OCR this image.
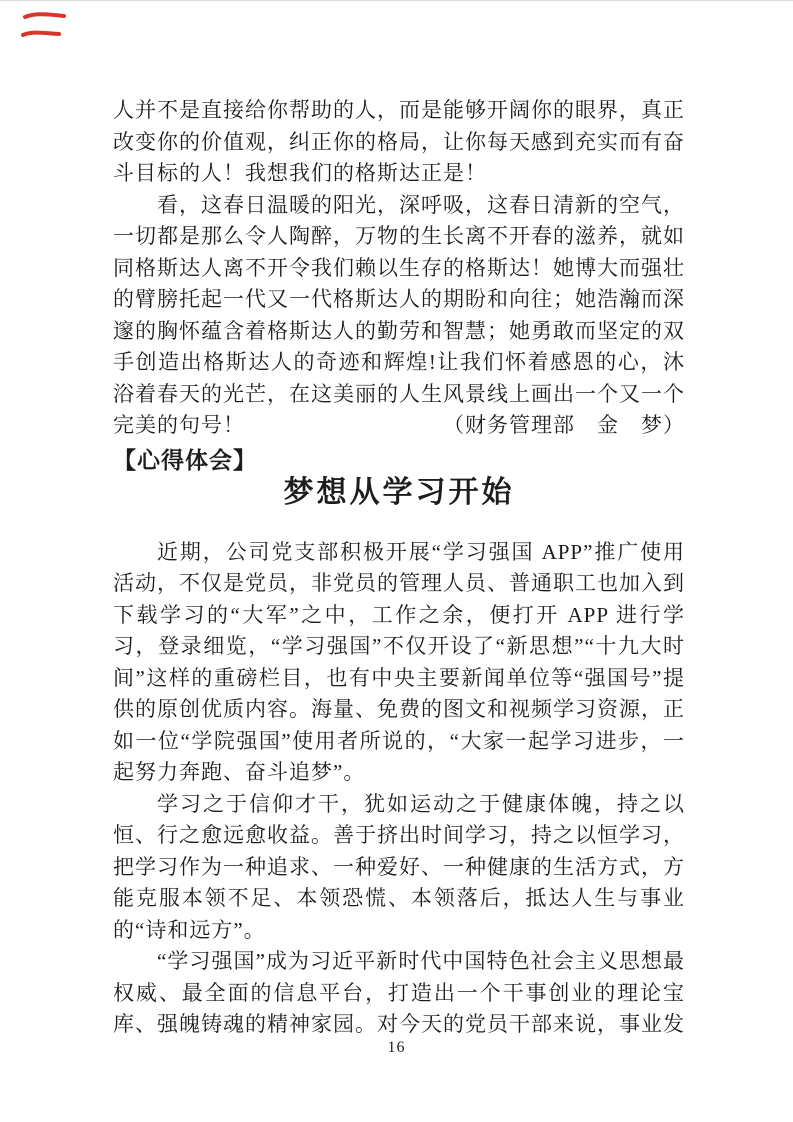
人并不是直接给你帮助的人，而是能够开阔你的眼界，真正改变你的价值观，纠正你的格局，让你每天感到充实而有奋斗目标的人！我想我们的格斯达正是！

看，这春日温暖的阳光，深呼吸，这春日清新的空气，一切都是那么令人陶醉，万物的生长离不开春的滋养，就如同格斯达人离不开令我们赖以生存的格斯达！她博大而强壮的臂膀托起一代又一代格斯达人的期盼和向往；她浩瀚而深邃的胸怀蕴含着格斯达人的勤劳和智慧；她勇敢而坚定的双手创造出格斯达人的奇迹和辉煌!让我们怀着感恩的心，沐浴着春天的光芒，在这美丽的人生风景线上画出一个又一个完美的句号！	（财务管理部　金　梦）

【心得体会】
梦想从学习开始

近期，公司党支部积极开展“学习强国 APP”推广使用活动，不仅是党员，非党员的管理人员、普通职工也加入到下载学习的“大军”之中，工作之余，便打开 APP 进行学习，登录细览，“学习强国”不仅开设了“新思想”“十九大时间”这样的重磅栏目，也有中央主要新闻单位等“强国号”提供的原创优质内容。海量、免费的图文和视频学习资源，正如一位“学院强国”使用者所说的，“大家一起学习进步，一起努力奔跑、奋斗追梦”。

学习之于信仰才干，犹如运动之于健康体魄，持之以恒、行之愈远愈收益。善于挤出时间学习，持之以恒学习，把学习作为一种追求、一种爱好、一种健康的生活方式，方能克服本领不足、本领恐慌、本领落后，抵达人生与事业的“诗和远方”。

“学习强国”成为习近平新时代中国特色社会主义思想最权威、最全面的信息平台，打造出一个干事创业的理论宝库、强魄铸魂的精神家园。对今天的党员干部来说，事业发

16
